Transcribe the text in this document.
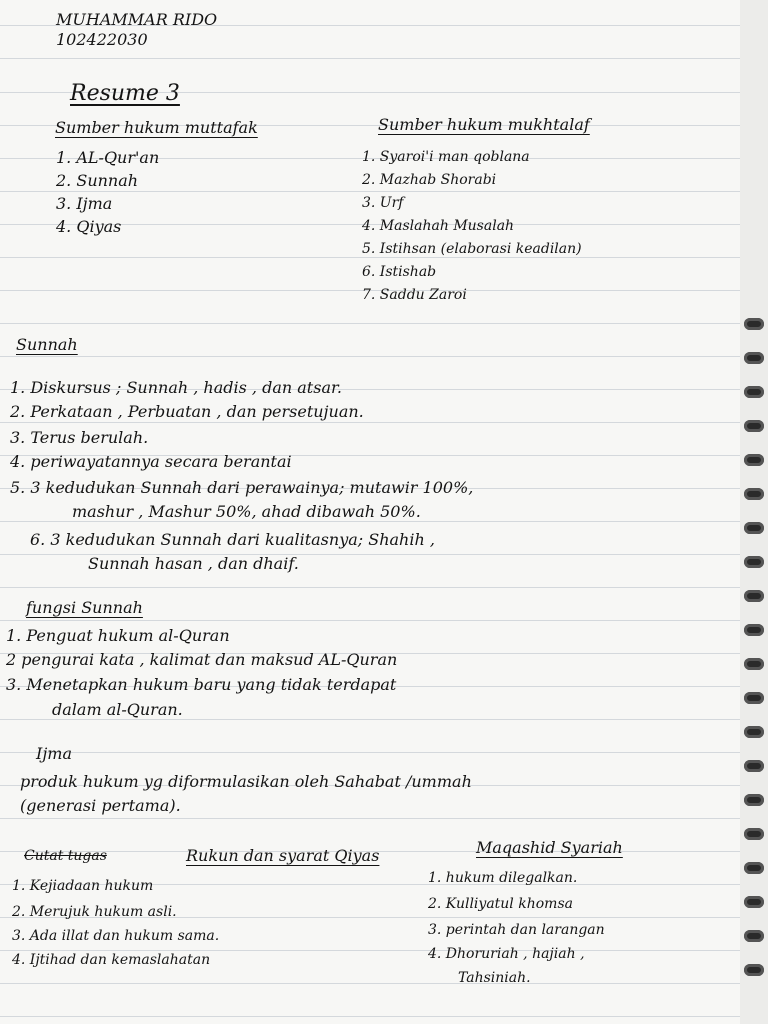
MUHAMMAR RIDO
102422030
Resume 3
Sumber hukum muttafak	Sumber hukum mukhtalaf
1. AL-Qur'an
2. Sunnah
3. Ijma
4. Qiyas
1. Syaroi'i man qoblana
2. Mazhab Shorabi
3. Urf
4. Maslahah Musalah
5. Istihsan (elaborasi keadilan)
6. Istishab
7. Saddu Zaroi
Sunnah
1. Diskursus ; Sunnah , hadis , dan atsar.
2. Perkataan , Perbuatan , dan persetujuan.
3. Terus berulah.
4. periwayatannya secara berantai
5. 3 kedudukan Sunnah dari perawainya; mutawir 100%,
mashur , Mashur 50%, ahad dibawah 50%.
6. 3 kedudukan Sunnah dari kualitasnya; Shahih ,
Sunnah hasan , dan dhaif.
fungsi Sunnah
1. Penguat hukum al-Quran
2 pengurai kata , kalimat dan maksud AL-Quran
3. Menetapkan hukum baru yang tidak terdapat
dalam al-Quran.
Ijma
produk hukum yg diformulasikan oleh Sahabat /ummah
(generasi pertama).
Cutat tugas	Rukun dan syarat Qiyas
1. Kejiadaan hukum
2. Merujuk hukum asli.
3. Ada illat dan hukum sama.
4. Ijtihad dan kemaslahatan
Maqashid Syariah
1. hukum dilegalkan.
2. Kulliyatul khomsa
3. perintah dan larangan
4. Dhoruriah , hajiah ,
Tahsiniah.
